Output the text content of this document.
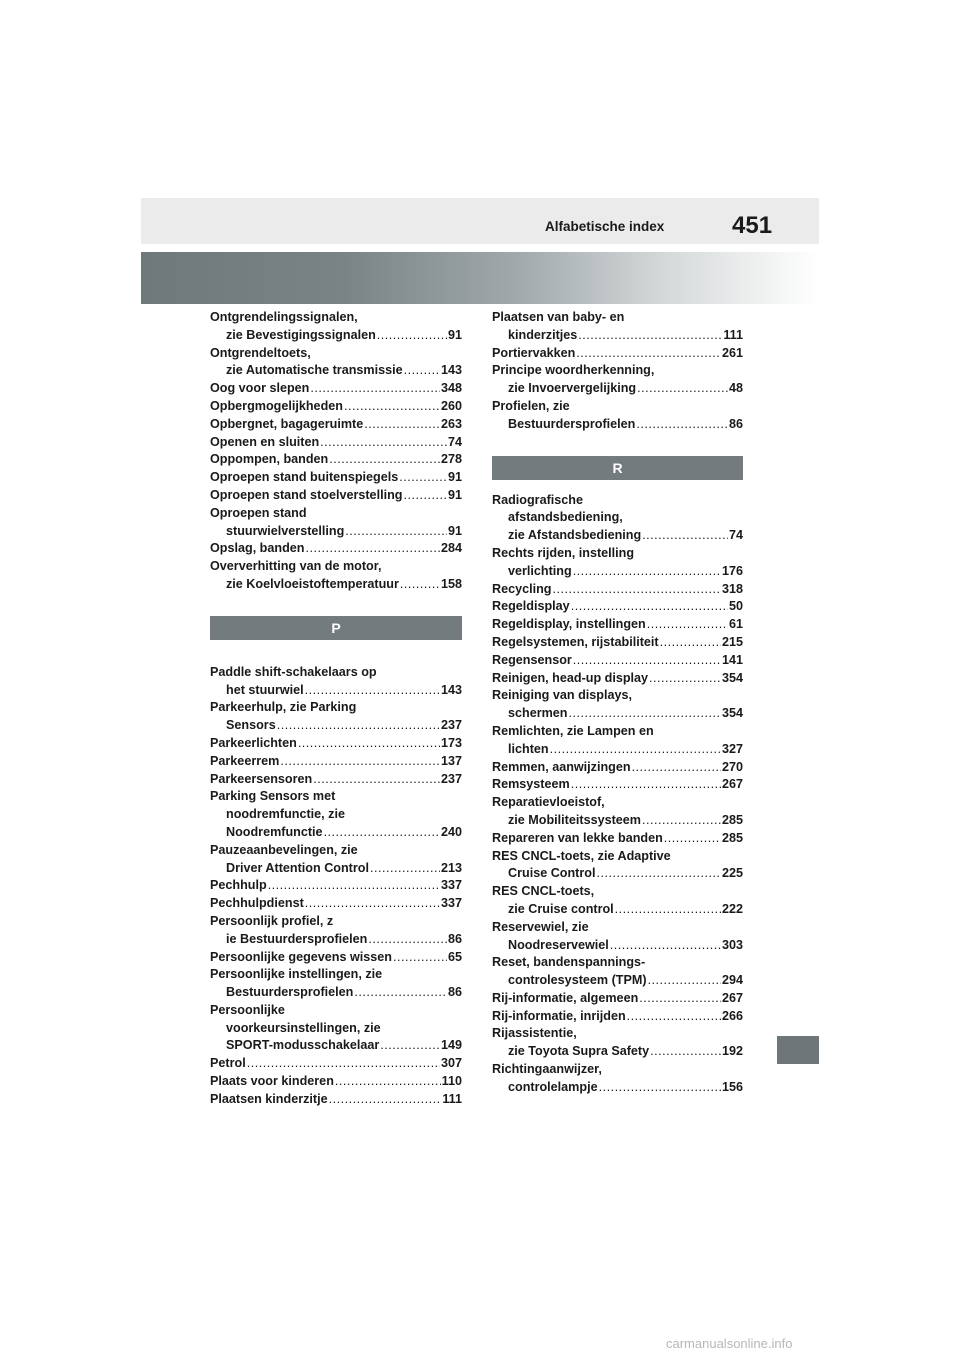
Alfabetische index	451
Ontgrendelingssignalen,
zie Bevestigingssignalen .....	91
Ontgrendeltoets,
zie Automatische transmissie .....	143
Oog voor slepen .....	348
Opbergmogelijkheden .....	260
Opbergnet, bagageruimte .....	263
Openen en sluiten .....	74
Oppompen, banden .....	278
Oproepen stand buitenspiegels .....	91
Oproepen stand stoelverstelling .....	91
Oproepen stand
stuurwielverstelling .....	91
Opslag, banden .....	284
Oververhitting van de motor,
zie Koelvloeistoftemperatuur .....	158
P
Paddle shift-schakelaars op
het stuurwiel .....	143
Parkeerhulp, zie Parking
Sensors .....	237
Parkeerlichten .....	173
Parkeerrem .....	137
Parkeersensoren .....	237
Parking Sensors met
noodremfunctie, zie
Noodremfunctie .....	240
Pauzeaanbevelingen, zie
Driver Attention Control .....	213
Pechhulp .....	337
Pechhulpdienst .....	337
Persoonlijk profiel, z
ie Bestuurdersprofielen .....	86
Persoonlijke gegevens wissen .....	65
Persoonlijke instellingen, zie
Bestuurdersprofielen .....	86
Persoonlijke
voorkeursinstellingen, zie
SPORT-modusschakelaar .....	149
Petrol .....	307
Plaats voor kinderen .....	110
Plaatsen kinderzitje .....	111
Plaatsen van baby- en
kinderzitjes .....	111
Portiervakken .....	261
Principe woordherkenning,
zie Invoervergelijking .....	48
Profielen, zie
Bestuurdersprofielen .....	86
R
Radiografische
afstandsbediening,
zie Afstandsbediening .....	74
Rechts rijden, instelling
verlichting .....	176
Recycling .....	318
Regeldisplay .....	50
Regeldisplay, instellingen .....	61
Regelsystemen, rijstabiliteit .....	215
Regensensor .....	141
Reinigen, head-up display .....	354
Reiniging van displays,
schermen .....	354
Remlichten, zie Lampen en
lichten .....	327
Remmen, aanwijzingen .....	270
Remsysteem .....	267
Reparatievloeistof,
zie Mobiliteitssysteem .....	285
Repareren van lekke banden .....	285
RES CNCL-toets, zie Adaptive
Cruise Control .....	225
RES CNCL-toets,
zie Cruise control .....	222
Reservewiel, zie
Noodreservewiel .....	303
Reset, bandenspannings-
controlesysteem (TPM) .....	294
Rij-informatie, algemeen .....	267
Rij-informatie, inrijden .....	266
Rijassistentie,
zie Toyota Supra Safety .....	192
Richtingaanwijzer,
controlelampje .....	156
carmanualsonline.info
